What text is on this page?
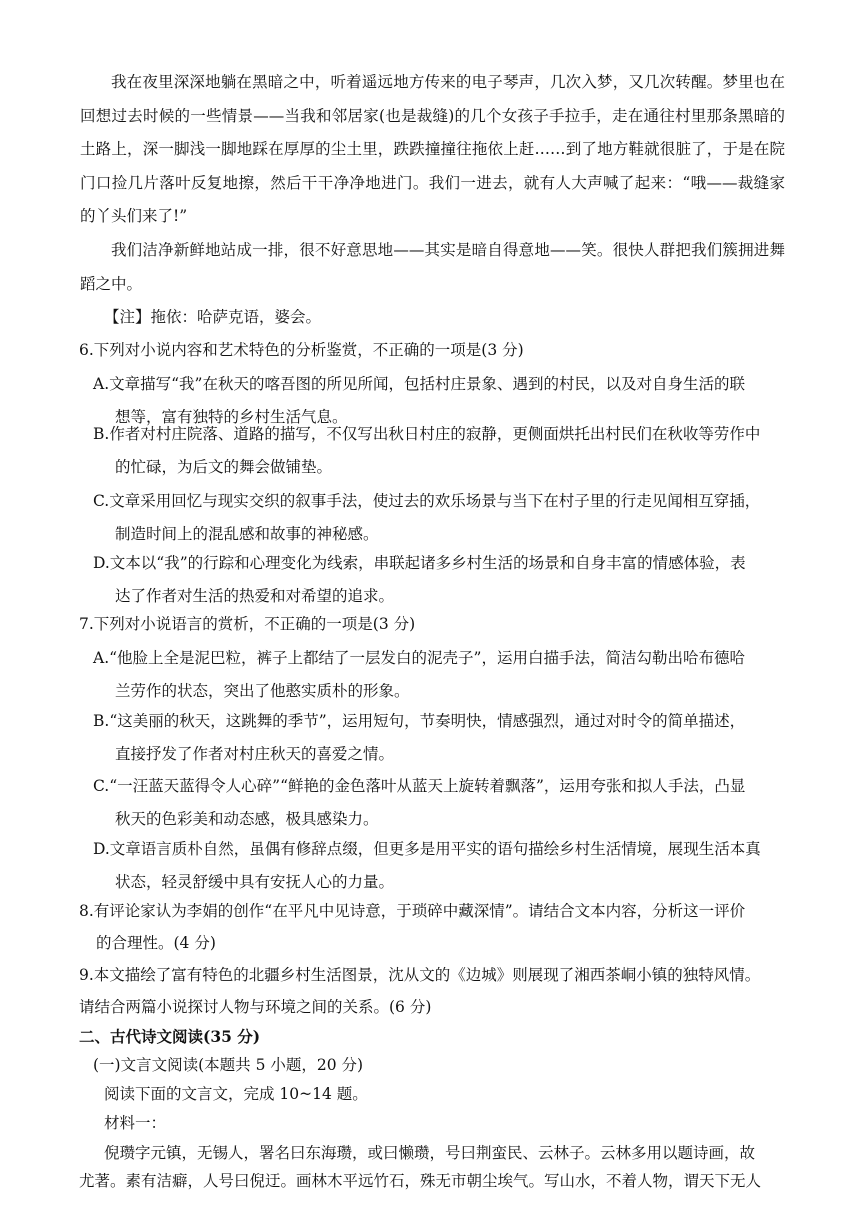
我在夜里深深地躺在黑暗之中，听着遥远地方传来的电子琴声，几次入梦，又几次转醒。梦里也在回想过去时候的一些情景——当我和邻居家(也是裁缝)的几个女孩子手拉手，走在通往村里那条黑暗的土路上，深一脚浅一脚地踩在厚厚的尘土里，跌跌撞撞往拖依上赶……到了地方鞋就很脏了，于是在院门口捡几片落叶反复地擦，然后干干净净地进门。我们一进去，就有人大声喊了起来：“哦——裁缝家的丫头们来了!”

我们洁净新鲜地站成一排，很不好意思地——其实是暗自得意地——笑。很快人群把我们簇拥进舞蹈之中。

【注】拖依：哈萨克语，婆会。

6.下列对小说内容和艺术特色的分析鉴赏，不正确的一项是(3 分)

A.文章描写“我”在秋天的喀吾图的所见所闻，包括村庄景象、遇到的村民，以及对自身生活的联

想等，富有独特的乡村生活气息。

B.作者对村庄院落、道路的描写，不仅写出秋日村庄的寂静，更侧面烘托出村民们在秋收等劳作中

的忙碌，为后文的舞会做铺垫。

C.文章采用回忆与现实交织的叙事手法，使过去的欢乐场景与当下在村子里的行走见闻相互穿插，

制造时间上的混乱感和故事的神秘感。

D.文本以“我”的行踪和心理变化为线索，串联起诸多乡村生活的场景和自身丰富的情感体验，表

达了作者对生活的热爱和对希望的追求。

7.下列对小说语言的赏析，不正确的一项是(3 分)

A.“他脸上全是泥巴粒，裤子上都结了一层发白的泥壳子”，运用白描手法，简洁勾勒出哈布德哈

兰劳作的状态，突出了他憨实质朴的形象。

B.“这美丽的秋天，这跳舞的季节”，运用短句，节奏明快，情感强烈，通过对时令的简单描述，

直接抒发了作者对村庄秋天的喜爱之情。

C.“一汪蓝天蓝得令人心碎”“鲜艳的金色落叶从蓝天上旋转着飘落”，运用夸张和拟人手法，凸显

秋天的色彩美和动态感，极具感染力。

D.文章语言质朴自然，虽偶有修辞点缀，但更多是用平实的语句描绘乡村生活情境，展现生活本真

状态，轻灵舒缓中具有安抚人心的力量。

8.有评论家认为李娟的创作“在平凡中见诗意，于琐碎中藏深情”。请结合文本内容，分析这一评价

的合理性。(4 分)

9.本文描绘了富有特色的北疆乡村生活图景，沈从文的《边城》则展现了湘西茶峒小镇的独特风情。

请结合两篇小说探讨人物与环境之间的关系。(6 分)

二、古代诗文阅读(35 分)

(一)文言文阅读(本题共 5 小题，20 分)

阅读下面的文言文，完成 10~14 题。

材料一：

倪瓒字元镇，无锡人，署名曰东海瓒，或曰懒瓒，号曰荆蛮民、云林子。云林多用以题诗画，故

尤著。素有洁癖，人号曰倪迂。画林木平远竹石，殊无市朝尘埃气。写山水，不着人物，谓天下无人
